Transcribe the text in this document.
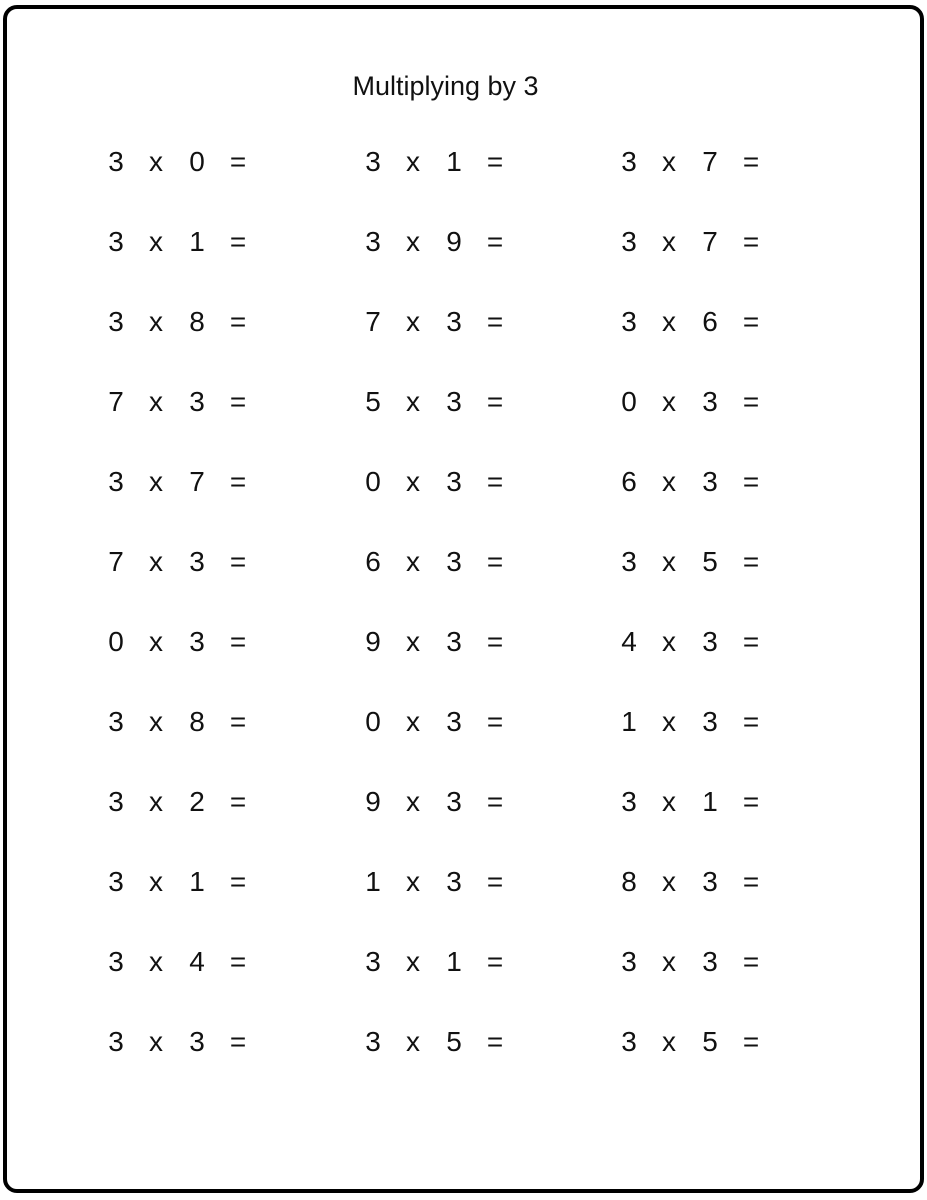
Multiplying by 3
3 x 0 =
3 x 1 =
3 x 8 =
7 x 3 =
3 x 7 =
7 x 3 =
0 x 3 =
3 x 8 =
3 x 2 =
3 x 1 =
3 x 4 =
3 x 3 =
3 x 1 =
3 x 9 =
7 x 3 =
5 x 3 =
0 x 3 =
6 x 3 =
9 x 3 =
0 x 3 =
9 x 3 =
1 x 3 =
3 x 1 =
3 x 5 =
3 x 7 =
3 x 7 =
3 x 6 =
0 x 3 =
6 x 3 =
3 x 5 =
4 x 3 =
1 x 3 =
3 x 1 =
8 x 3 =
3 x 3 =
3 x 5 =
